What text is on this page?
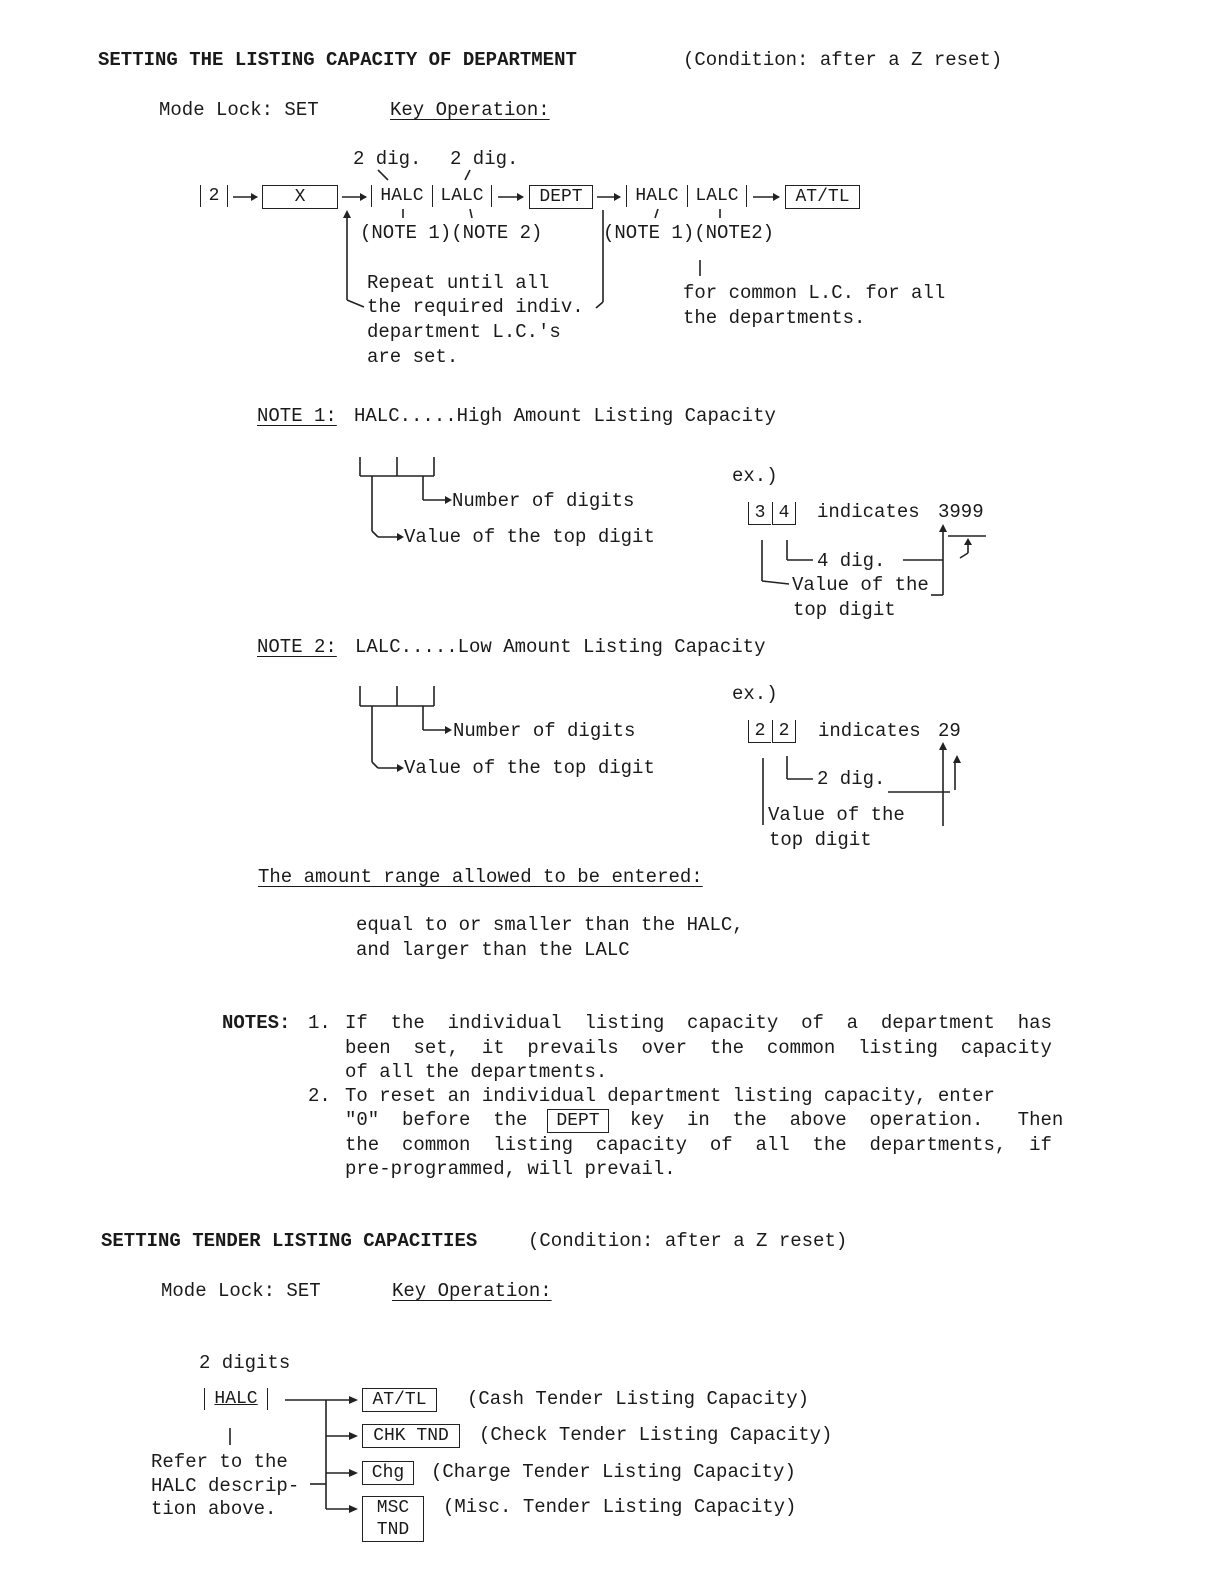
SETTING THE LISTING CAPACITY OF DEPARTMENT	(Condition: after a Z reset)
Mode Lock: SET	Key Operation:
2 dig. 2 dig.
2	X	HALC LALC	DEPT	HALC LALC	AT/TL
(NOTE 1)(NOTE 2)	(NOTE 1)(NOTE2)
Repeat until all
the required indiv.
department L.C.'s
are set.
for common L.C. for all
the departments.
NOTE 1: HALC.....High Amount Listing Capacity
Number of digits
Value of the top digit
ex.)
3 4	indicates 3999
4 dig.
Value of the
top digit
NOTE 2: LALC.....Low Amount Listing Capacity
Number of digits
Value of the top digit
ex.)
2 2	indicates 29
2 dig.
Value of the
top digit
The amount range allowed to be entered:
equal to or smaller than the HALC,
and larger than the LALC
NOTES: 1. If  the  individual  listing  capacity  of  a  department  has
been  set,  it  prevails  over  the  common  listing  capacity
of all the departments.
2. To reset an individual department listing capacity, enter
"0"  before  the	DEPT	key  in  the  above  operation.   Then
the  common  listing  capacity  of  all  the  departments,  if
pre-programmed, will prevail.
SETTING TENDER LISTING CAPACITIES	(Condition: after a Z reset)
Mode Lock: SET	Key Operation:
2 digits
HALC
Refer to the
HALC descrip-
tion above.
AT/TL	(Cash Tender Listing Capacity)
CHK TND	(Check Tender Listing Capacity)
Chg	(Charge Tender Listing Capacity)
MSC
TND
(Misc. Tender Listing Capacity)
